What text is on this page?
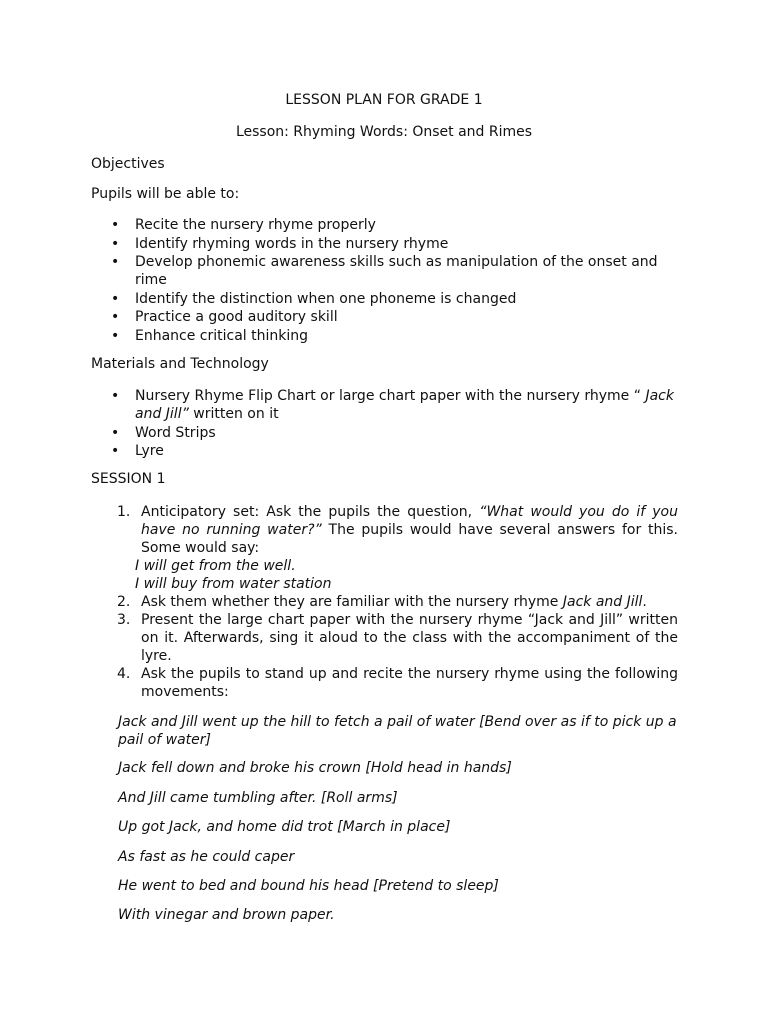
LESSON PLAN FOR GRADE 1
Lesson: Rhyming Words: Onset and Rimes
Objectives
Pupils will be able to:
• Recite the nursery rhyme properly
• Identify rhyming words in the nursery rhyme
• Develop phonemic awareness skills such as manipulation of the onset and rime
• Identify the distinction when one phoneme is changed
• Practice a good auditory skill
• Enhance critical thinking
Materials and Technology
• Nursery Rhyme Flip Chart or large chart paper with the nursery rhyme “ Jack and Jill” written on it
• Word Strips
• Lyre
SESSION 1
1. Anticipatory set: Ask the pupils the question, “What would you do if you have no running water?” The pupils would have several answers for this. Some would say:
I will get from the well.
I will buy from water station
2. Ask them whether they are familiar with the nursery rhyme Jack and Jill.
3. Present the large chart paper with the nursery rhyme “Jack and Jill” written on it. Afterwards, sing it aloud to the class with the accompaniment of the lyre.
4. Ask the pupils to stand up and recite the nursery rhyme using the following movements:
Jack and Jill went up the hill to fetch a pail of water [Bend over as if to pick up a pail of water]
Jack fell down and broke his crown [Hold head in hands]
And Jill came tumbling after. [Roll arms]
Up got Jack, and home did trot [March in place]
As fast as he could caper
He went to bed and bound his head [Pretend to sleep]
With vinegar and brown paper.
